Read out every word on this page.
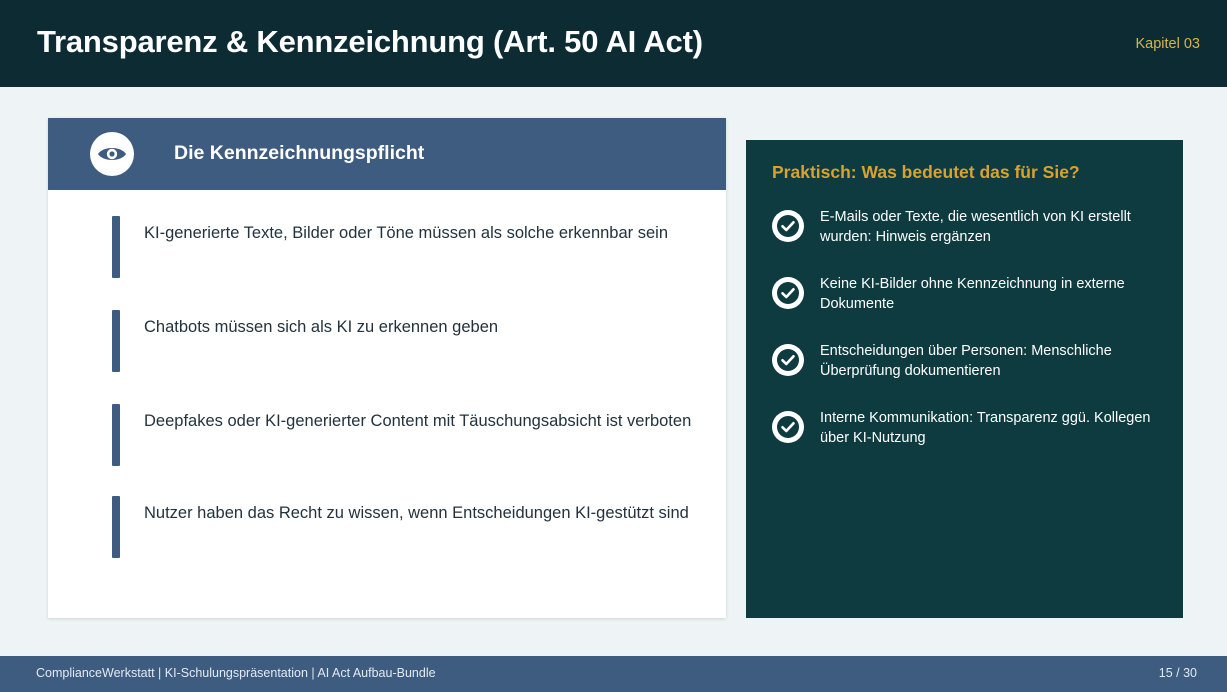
Transparenz & Kennzeichnung (Art. 50 AI Act)	Kapitel 03
Die Kennzeichnungspflicht
KI-generierte Texte, Bilder oder Töne müssen als solche erkennbar sein
Chatbots müssen sich als KI zu erkennen geben
Deepfakes oder KI-generierter Content mit Täuschungsabsicht ist verboten
Nutzer haben das Recht zu wissen, wenn Entscheidungen KI-gestützt sind
Praktisch: Was bedeutet das für Sie?
E-Mails oder Texte, die wesentlich von KI erstellt wurden: Hinweis ergänzen
Keine KI-Bilder ohne Kennzeichnung in externe Dokumente
Entscheidungen über Personen: Menschliche Überprüfung dokumentieren
Interne Kommunikation: Transparenz ggü. Kollegen über KI-Nutzung
ComplianceWerkstatt | KI-Schulungspräsentation | AI Act Aufbau-Bundle	15 / 30
